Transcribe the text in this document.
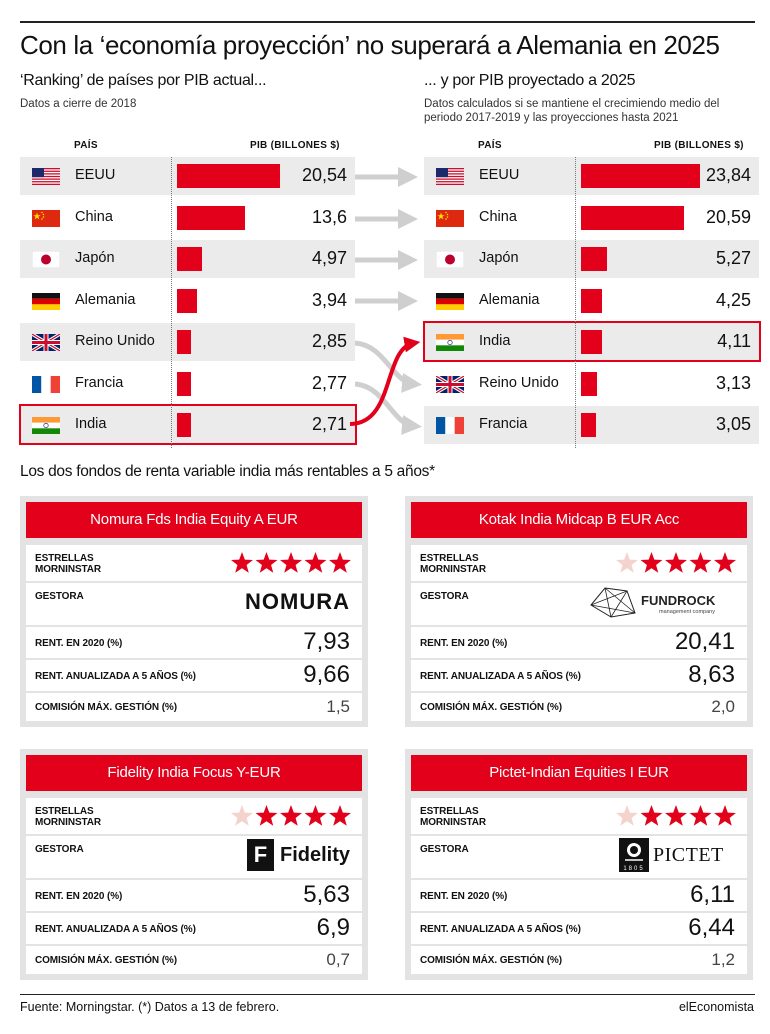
Con la ‘economía proyección’ no superará a Alemania en 2025
‘Ranking’ de países por PIB actual...
Datos a cierre de 2018
PAÍS	PIB (BILLONES $)
... y por PIB proyectado a 2025
Datos calculados si se mantiene el crecimiendo medio del
periodo 2017-2019 y las proyecciones hasta 2021
PAÍS	PIB (BILLONES $)
EEUU	20,54
China	13,6
Japón	4,97
Alemania	3,94
Reino Unido	2,85
Francia	2,77
India	2,71
EEUU	23,84
China	20,59
Japón	5,27
Alemania	4,25
India	4,11
Reino Unido	3,13
Francia	3,05
Los dos fondos de renta variable india más rentables a 5 años*
Nomura Fds India Equity A EUR
ESTRELLAS
MORNINSTAR
GESTORA	NOMURA
RENT. EN 2020 (%)	7,93
RENT. ANUALIZADA A 5 AÑOS (%)	9,66
COMISIÓN MÁX. GESTIÓN (%)	1,5
Kotak India Midcap B EUR Acc
ESTRELLAS
MORNINSTAR
GESTORA	FUNDROCK
management company
RENT. EN 2020 (%)	20,41
RENT. ANUALIZADA A 5 AÑOS (%)	8,63
COMISIÓN MÁX. GESTIÓN (%)	2,0
Fidelity India Focus Y-EUR
ESTRELLAS
MORNINSTAR
GESTORA	F Fidelity
RENT. EN 2020 (%)	5,63
RENT. ANUALIZADA A 5 AÑOS (%)	6,9
COMISIÓN MÁX. GESTIÓN (%)	0,7
Pictet-Indian Equities I EUR
ESTRELLAS
MORNINSTAR
GESTORA
1805
PICTET
RENT. EN 2020 (%)	6,11
RENT. ANUALIZADA A 5 AÑOS (%)	6,44
COMISIÓN MÁX. GESTIÓN (%)	1,2
Fuente: Morningstar. (*) Datos a 13 de febrero.	elEconomista
